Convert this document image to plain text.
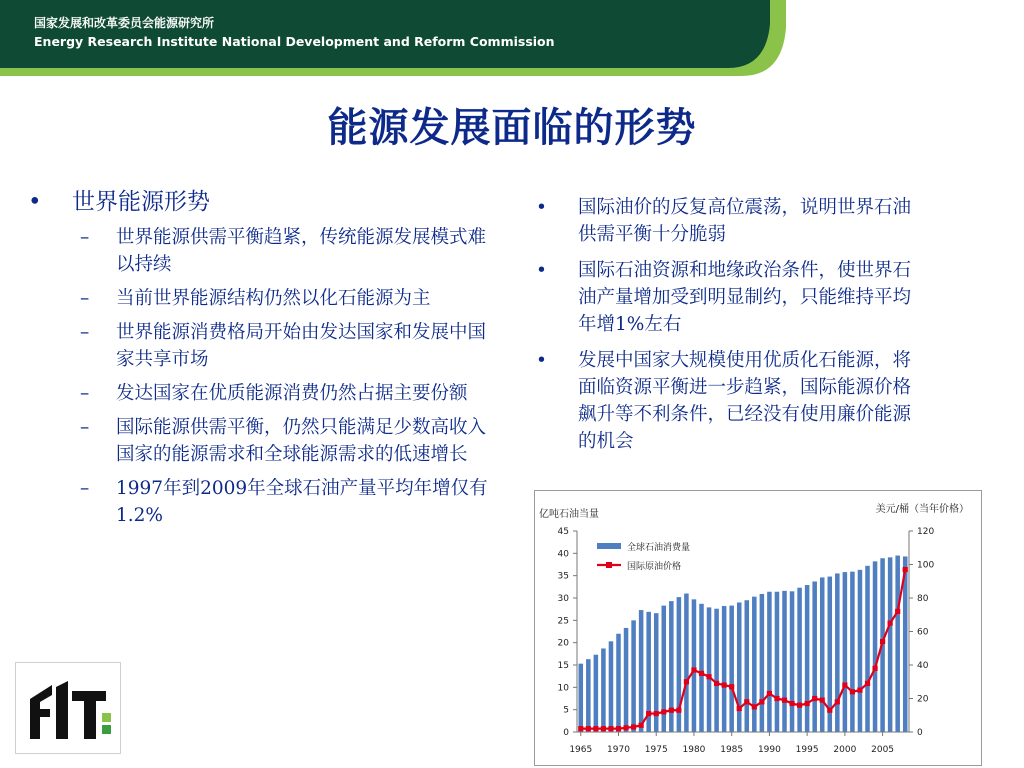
国家发展和改革委员会能源研究所
Energy Research Institute National Development and Reform Commission
能源发展面临的形势
• 世界能源形势
– 世界能源供需平衡趋紧，传统能源发展模式难以持续
– 当前世界能源结构仍然以化石能源为主
– 世界能源消费格局开始由发达国家和发展中国家共享市场
– 发达国家在优质能源消费仍然占据主要份额
– 国际能源供需平衡，仍然只能满足少数高收入国家的能源需求和全球能源需求的低速增长
– 1997年到2009年全球石油产量平均年增仅有1.2%
• 国际油价的反复高位震荡，说明世界石油供需平衡十分脆弱
• 国际石油资源和地缘政治条件，使世界石油产量增加受到明显制约，只能维持平均年增1%左右
• 发展中国家大规模使用优质化石能源，将面临资源平衡进一步趋紧，国际能源价格飙升等不利条件，已经没有使用廉价能源的机会
亿吨石油当量	美元/桶（当年价格）
0
5
10
15
20
25
30
35
40
45
0
20
40
60
80
100
120
1965 1970 1975 1980 1985 1990 1995 2000 2005
全球石油消费量
国际原油价格
